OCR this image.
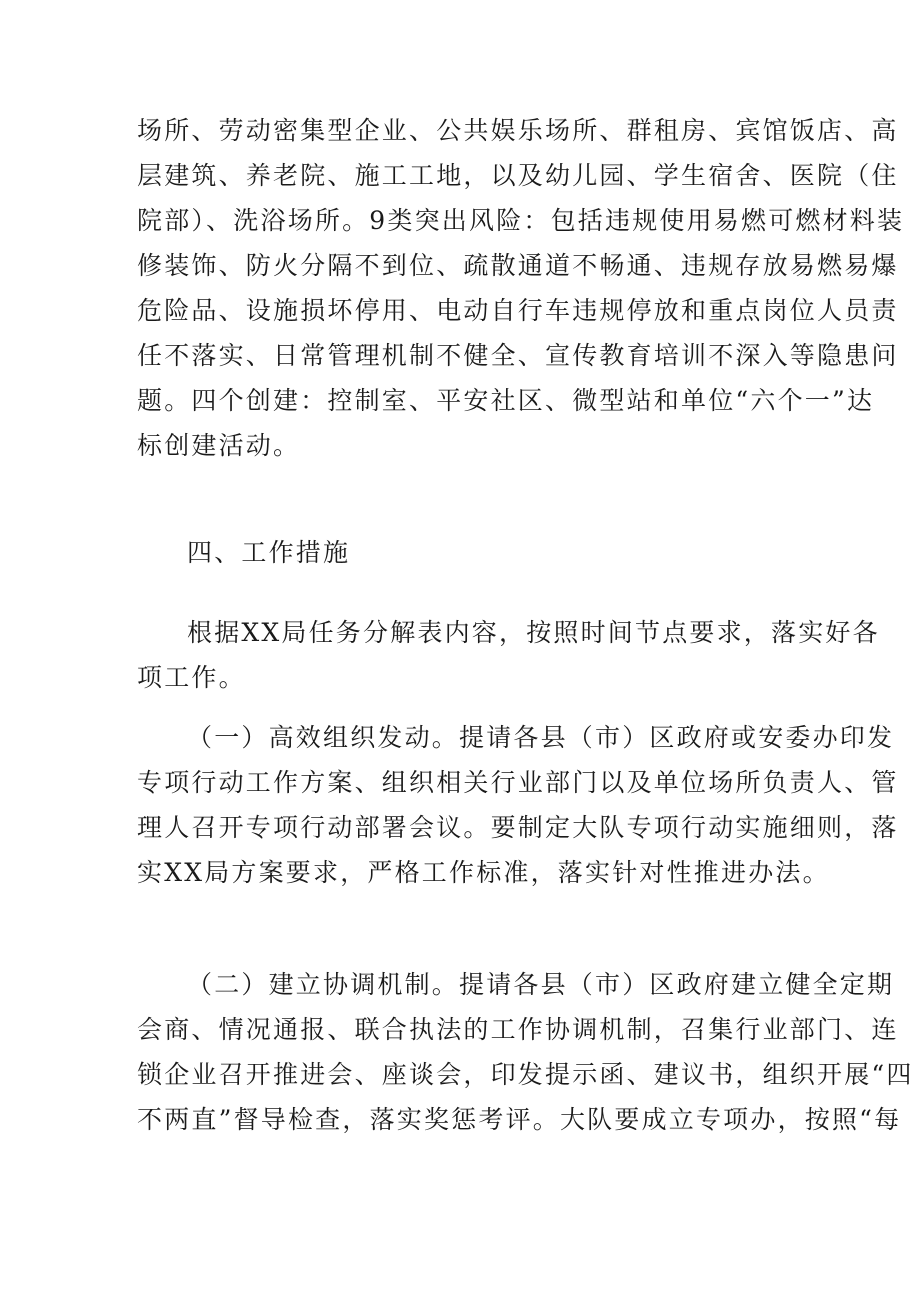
场所、劳动密集型企业、公共娱乐场所、群租房、宾馆饭店、高
层建筑、养老院、施工工地，以及幼儿园、学生宿舍、医院（住
院部）、洗浴场所。9类突出风险：包括违规使用易燃可燃材料装
修装饰、防火分隔不到位、疏散通道不畅通、违规存放易燃易爆
危险品、设施损坏停用、电动自行车违规停放和重点岗位人员责
任不落实、日常管理机制不健全、宣传教育培训不深入等隐患问
题。四个创建：控制室、平安社区、微型站和单位“六个一”达
标创建活动。
四、工作措施
根据XX局任务分解表内容，按照时间节点要求，落实好各
项工作。
（一）高效组织发动。提请各县（市）区政府或安委办印发
专项行动工作方案、组织相关行业部门以及单位场所负责人、管
理人召开专项行动部署会议。要制定大队专项行动实施细则，落
实XX局方案要求，严格工作标准，落实针对性推进办法。
（二）建立协调机制。提请各县（市）区政府建立健全定期
会商、情况通报、联合执法的工作协调机制，召集行业部门、连
锁企业召开推进会、座谈会，印发提示函、建议书，组织开展“四
不两直”督导检查，落实奖惩考评。大队要成立专项办，按照“每
